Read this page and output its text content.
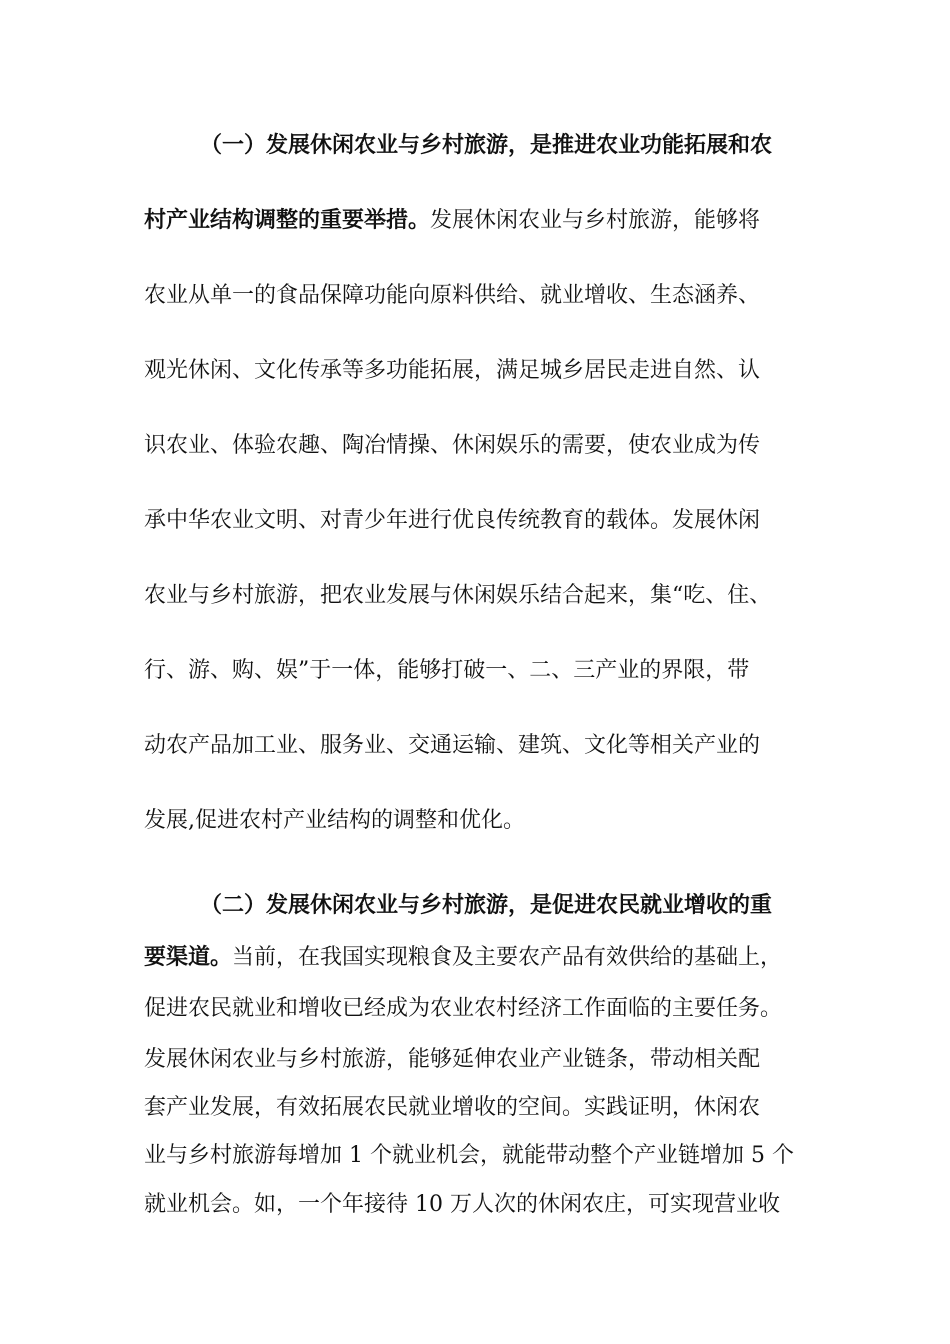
（一）发展休闲农业与乡村旅游，是推进农业功能拓展和农
村产业结构调整的重要举措。发展休闲农业与乡村旅游，能够将
农业从单一的食品保障功能向原料供给、就业增收、生态涵养、
观光休闲、文化传承等多功能拓展，满足城乡居民走进自然、认
识农业、体验农趣、陶冶情操、休闲娱乐的需要，使农业成为传
承中华农业文明、对青少年进行优良传统教育的载体。发展休闲
农业与乡村旅游，把农业发展与休闲娱乐结合起来，集“吃、住、
行、游、购、娱”于一体，能够打破一、二、三产业的界限，带
动农产品加工业、服务业、交通运输、建筑、文化等相关产业的
发展,促进农村产业结构的调整和优化。
（二）发展休闲农业与乡村旅游，是促进农民就业增收的重
要渠道。当前，在我国实现粮食及主要农产品有效供给的基础上，
促进农民就业和增收已经成为农业农村经济工作面临的主要任务。
发展休闲农业与乡村旅游，能够延伸农业产业链条，带动相关配
套产业发展，有效拓展农民就业增收的空间。实践证明，休闲农
业与乡村旅游每增加 1 个就业机会，就能带动整个产业链增加 5 个
就业机会。如，一个年接待 10 万人次的休闲农庄，可实现营业收
